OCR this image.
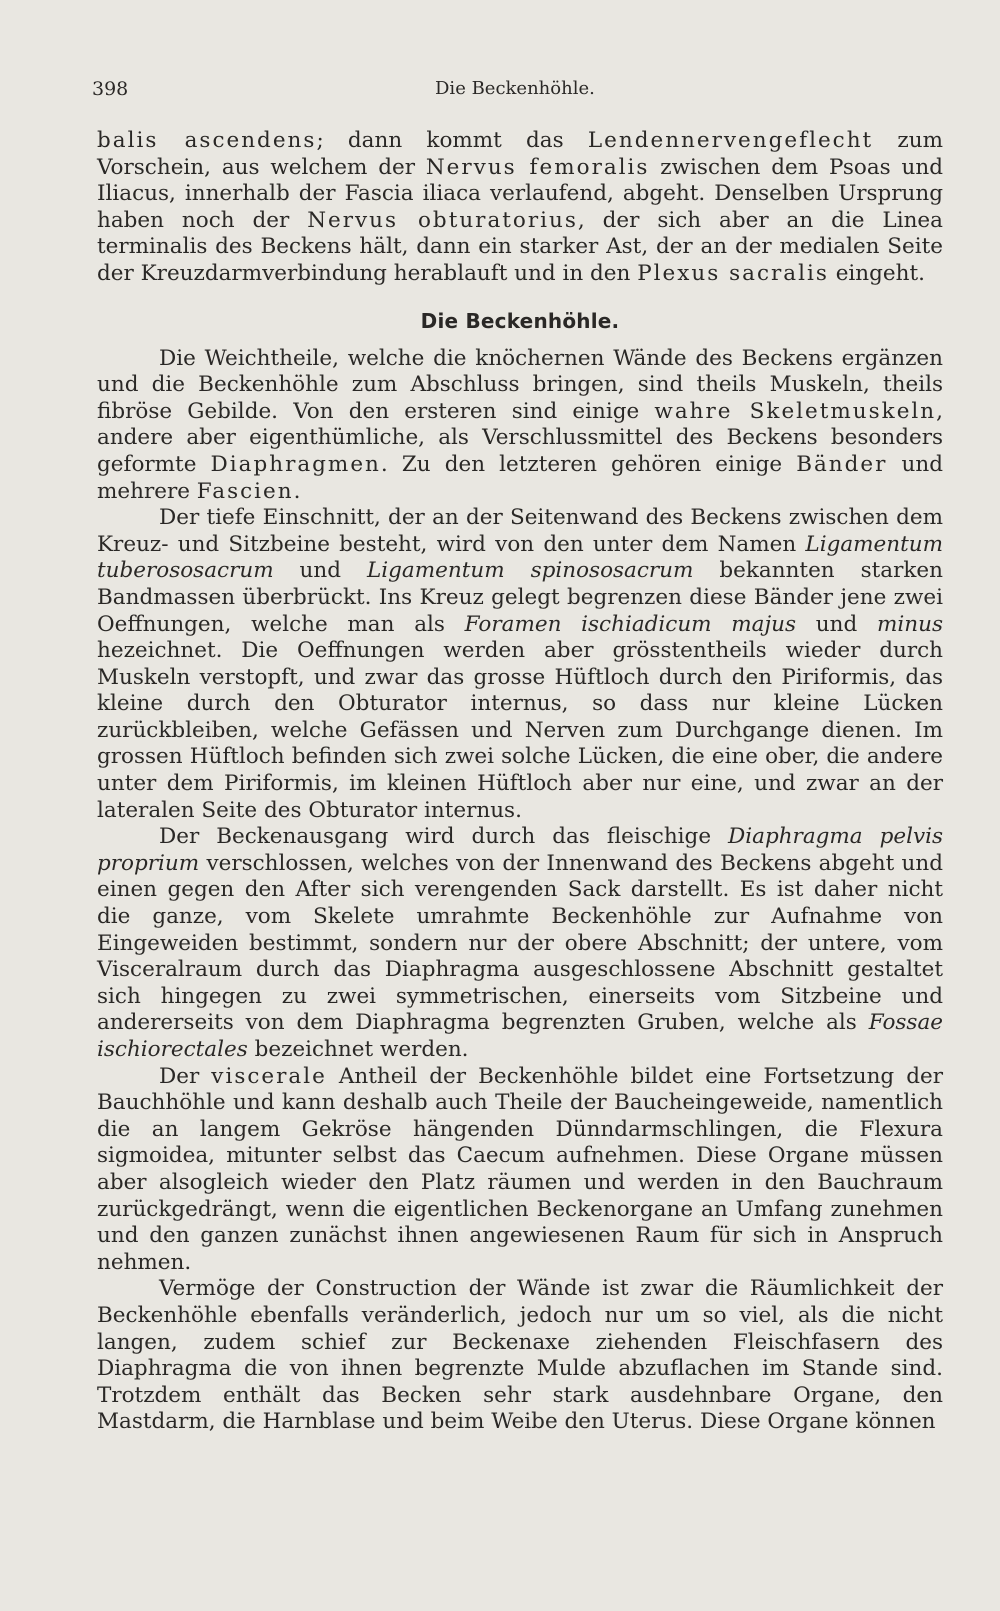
398	Die Beckenhöhle.

balis ascendens; dann kommt das Lendennervengeflecht zum Vorschein, aus welchem der Nervus femoralis zwischen dem Psoas und Iliacus, innerhalb der Fascia iliaca verlaufend, abgeht. Denselben Ursprung haben noch der Nervus obturatorius, der sich aber an die Linea terminalis des Beckens hält, dann ein starker Ast, der an der medialen Seite der Kreuzdarmverbindung herablauft und in den Plexus sacralis eingeht.

Die Beckenhöhle.

Die Weichtheile, welche die knöchernen Wände des Beckens ergänzen und die Beckenhöhle zum Abschluss bringen, sind theils Muskeln, theils fibröse Gebilde. Von den ersteren sind einige wahre Skeletmuskeln, andere aber eigenthümliche, als Verschlussmittel des Beckens besonders geformte Diaphragmen. Zu den letzteren gehören einige Bänder und mehrere Fascien.

Der tiefe Einschnitt, der an der Seitenwand des Beckens zwischen dem Kreuz- und Sitzbeine besteht, wird von den unter dem Namen Ligamentum tuberososacrum und Ligamentum spinososacrum bekannten starken Bandmassen überbrückt. Ins Kreuz gelegt begrenzen diese Bänder jene zwei Oeffnungen, welche man als Foramen ischiadicum majus und minus hezeichnet. Die Oeffnungen werden aber grösstentheils wieder durch Muskeln verstopft, und zwar das grosse Hüftloch durch den Piriformis, das kleine durch den Obturator internus, so dass nur kleine Lücken zurückbleiben, welche Gefässen und Nerven zum Durchgange dienen. Im grossen Hüftloch befinden sich zwei solche Lücken, die eine ober, die andere unter dem Piriformis, im kleinen Hüftloch aber nur eine, und zwar an der lateralen Seite des Obturator internus.

Der Beckenausgang wird durch das fleischige Diaphragma pelvis proprium verschlossen, welches von der Innenwand des Beckens abgeht und einen gegen den After sich verengenden Sack darstellt. Es ist daher nicht die ganze, vom Skelete umrahmte Beckenhöhle zur Aufnahme von Eingeweiden bestimmt, sondern nur der obere Abschnitt; der untere, vom Visceralraum durch das Diaphragma ausgeschlossene Abschnitt gestaltet sich hingegen zu zwei symmetrischen, einerseits vom Sitzbeine und andererseits von dem Diaphragma begrenzten Gruben, welche als Fossae ischiorectales bezeichnet werden.

Der viscerale Antheil der Beckenhöhle bildet eine Fortsetzung der Bauchhöhle und kann deshalb auch Theile der Baucheingeweide, namentlich die an langem Gekröse hängenden Dünndarmschlingen, die Flexura sigmoidea, mitunter selbst das Caecum aufnehmen. Diese Organe müssen aber alsogleich wieder den Platz räumen und werden in den Bauchraum zurückgedrängt, wenn die eigentlichen Beckenorgane an Umfang zunehmen und den ganzen zunächst ihnen angewiesenen Raum für sich in Anspruch nehmen.

Vermöge der Construction der Wände ist zwar die Räumlichkeit der Beckenhöhle ebenfalls veränderlich, jedoch nur um so viel, als die nicht langen, zudem schief zur Beckenaxe ziehenden Fleischfasern des Diaphragma die von ihnen begrenzte Mulde abzuflachen im Stande sind. Trotzdem enthält das Becken sehr stark ausdehnbare Organe, den Mastdarm, die Harnblase und beim Weibe den Uterus. Diese Organe können
